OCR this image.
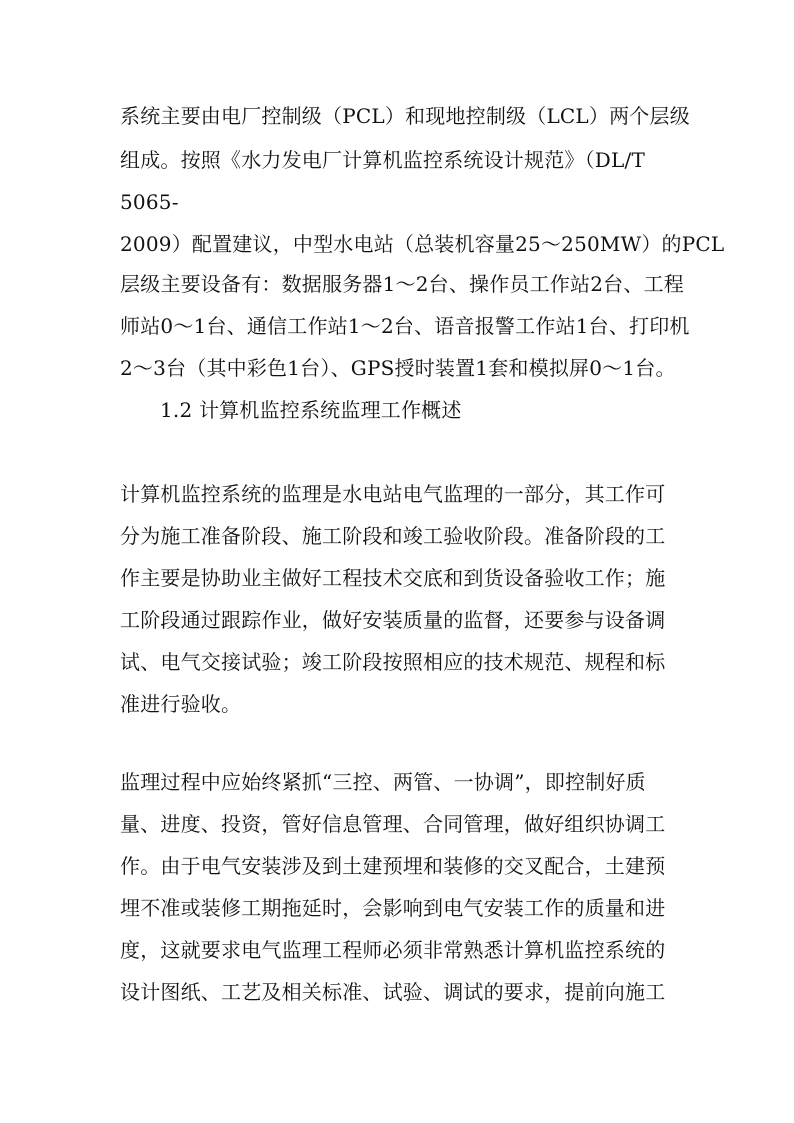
系统主要由电厂控制级（PCL）和现地控制级（LCL）两个层级
组成。按照《水力发电厂计算机监控系统设计规范》（DL/T
5065-
2009）配置建议，中型水电站（总装机容量25～250MW）的PCL
层级主要设备有：数据服务器1～2台、操作员工作站2台、工程
师站0～1台、通信工作站1～2台、语音报警工作站1台、打印机
2～3台（其中彩色1台）、GPS授时装置1套和模拟屏0～1台。
1.2 计算机监控系统监理工作概述
计算机监控系统的监理是水电站电气监理的一部分，其工作可
分为施工准备阶段、施工阶段和竣工验收阶段。准备阶段的工
作主要是协助业主做好工程技术交底和到货设备验收工作；施
工阶段通过跟踪作业，做好安装质量的监督，还要参与设备调
试、电气交接试验；竣工阶段按照相应的技术规范、规程和标
准进行验收。
监理过程中应始终紧抓“三控、两管、一协调”，即控制好质
量、进度、投资，管好信息管理、合同管理，做好组织协调工
作。由于电气安装涉及到土建预埋和装修的交叉配合，土建预
埋不准或装修工期拖延时，会影响到电气安装工作的质量和进
度，这就要求电气监理工程师必须非常熟悉计算机监控系统的
设计图纸、工艺及相关标准、试验、调试的要求，提前向施工
